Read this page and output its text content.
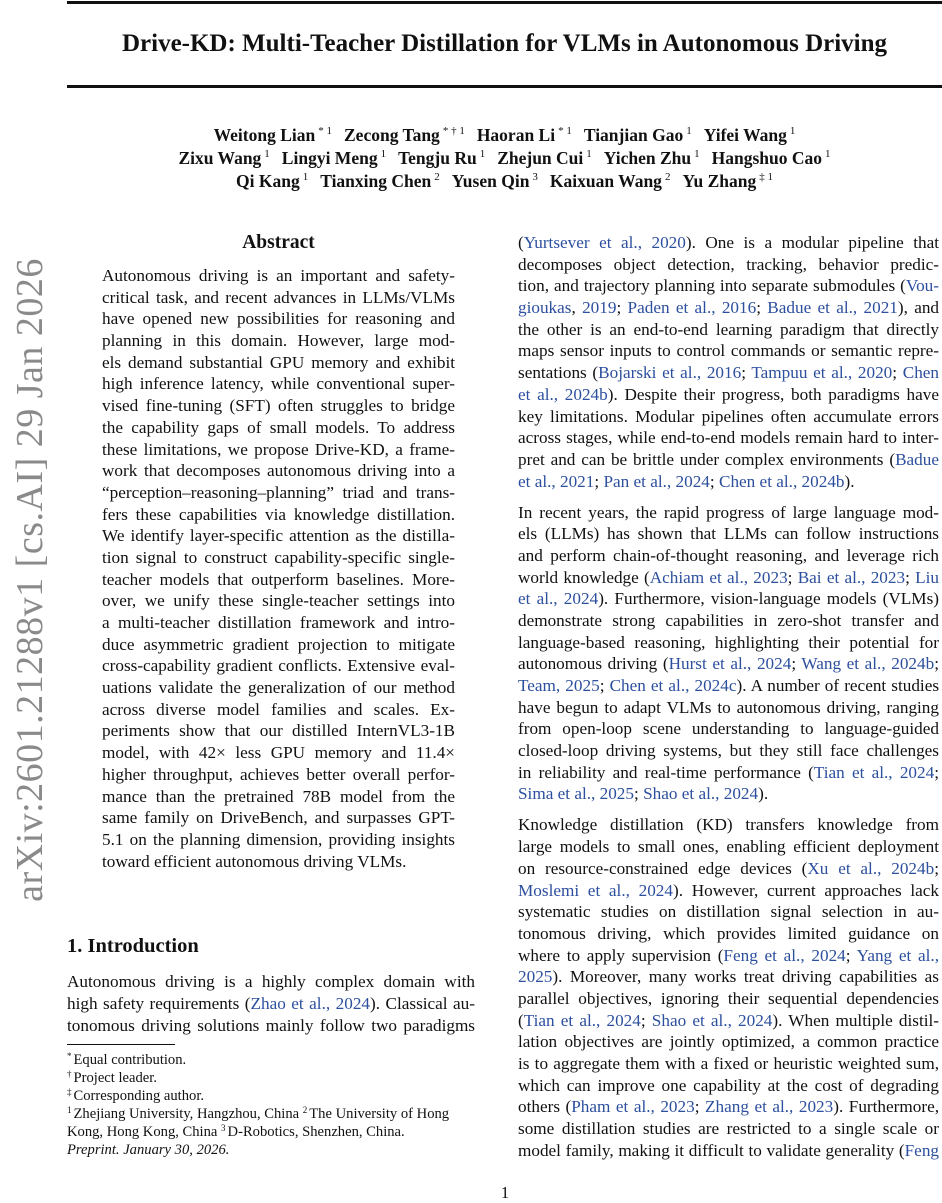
arXiv:2601.21288v1 [cs.AI] 29 Jan 2026
Drive-KD: Multi-Teacher Distillation for VLMs in Autonomous Driving
Weitong Lian $^{* 1}$ Zecong Tang $^{* \dagger 1}$ Haoran Li $^{* 1}$ Tianjian Gao $^1$ Yifei Wang $^1$
Zixu Wang $^1$ Lingyi Meng $^1$ Tengju Ru $^1$ Zhejun Cui $^1$ Yichen Zhu $^1$ Hangshuo Cao $^1$
Qi Kang $^1$ Tianxing Chen $^2$ Yusen Qin $^3$ Kaixuan Wang $^2$ Yu Zhang $^{\ddagger 1}$
Abstract
Autonomous driving is an important and safety-
critical task, and recent advances in LLMs/VLMs
have opened new possibilities for reasoning and
planning in this domain. However, large mod-
els demand substantial GPU memory and exhibit
high inference latency, while conventional super-
vised fine-tuning (SFT) often struggles to bridge
the capability gaps of small models. To address
these limitations, we propose Drive-KD, a frame-
work that decomposes autonomous driving into a
“perception–reasoning–planning” triad and trans-
fers these capabilities via knowledge distillation.
We identify layer-specific attention as the distilla-
tion signal to construct capability-specific single-
teacher models that outperform baselines. More-
over, we unify these single-teacher settings into
a multi-teacher distillation framework and intro-
duce asymmetric gradient projection to mitigate
cross-capability gradient conflicts. Extensive eval-
uations validate the generalization of our method
across diverse model families and scales. Ex-
periments show that our distilled InternVL3-1B
model, with 42× less GPU memory and 11.4×
higher throughput, achieves better overall perfor-
mance than the pretrained 78B model from the
same family on DriveBench, and surpasses GPT-
5.1 on the planning dimension, providing insights
toward efficient autonomous driving VLMs.
1. Introduction
Autonomous driving is a highly complex domain with
high safety requirements (Zhao et al., 2024). Classical au-
tonomous driving solutions mainly follow two paradigms
* Equal contribution.
† Project leader.
‡ Corresponding author.
$^1$ Zhejiang University, Hangzhou, China $^2$ The University of Hong
Kong, Hong Kong, China $^3$ D-Robotics, Shenzhen, China.
Preprint. January 30, 2026.
(Yurtsever et al., 2020). One is a modular pipeline that
decomposes object detection, tracking, behavior predic-
tion, and trajectory planning into separate submodules (Vou-
gioukas, 2019; Paden et al., 2016; Badue et al., 2021), and
the other is an end-to-end learning paradigm that directly
maps sensor inputs to control commands or semantic repre-
sentations (Bojarski et al., 2016; Tampuu et al., 2020; Chen
et al., 2024b). Despite their progress, both paradigms have
key limitations. Modular pipelines often accumulate errors
across stages, while end-to-end models remain hard to inter-
pret and can be brittle under complex environments (Badue
et al., 2021; Pan et al., 2024; Chen et al., 2024b).
In recent years, the rapid progress of large language mod-
els (LLMs) has shown that LLMs can follow instructions
and perform chain-of-thought reasoning, and leverage rich
world knowledge (Achiam et al., 2023; Bai et al., 2023; Liu
et al., 2024). Furthermore, vision-language models (VLMs)
demonstrate strong capabilities in zero-shot transfer and
language-based reasoning, highlighting their potential for
autonomous driving (Hurst et al., 2024; Wang et al., 2024b;
Team, 2025; Chen et al., 2024c). A number of recent studies
have begun to adapt VLMs to autonomous driving, ranging
from open-loop scene understanding to language-guided
closed-loop driving systems, but they still face challenges
in reliability and real-time performance (Tian et al., 2024;
Sima et al., 2025; Shao et al., 2024).
Knowledge distillation (KD) transfers knowledge from
large models to small ones, enabling efficient deployment
on resource-constrained edge devices (Xu et al., 2024b;
Moslemi et al., 2024). However, current approaches lack
systematic studies on distillation signal selection in au-
tonomous driving, which provides limited guidance on
where to apply supervision (Feng et al., 2024; Yang et al.,
2025). Moreover, many works treat driving capabilities as
parallel objectives, ignoring their sequential dependencies
(Tian et al., 2024; Shao et al., 2024). When multiple distil-
lation objectives are jointly optimized, a common practice
is to aggregate them with a fixed or heuristic weighted sum,
which can improve one capability at the cost of degrading
others (Pham et al., 2023; Zhang et al., 2023). Furthermore,
some distillation studies are restricted to a single scale or
model family, making it difficult to validate generality (Feng
1
